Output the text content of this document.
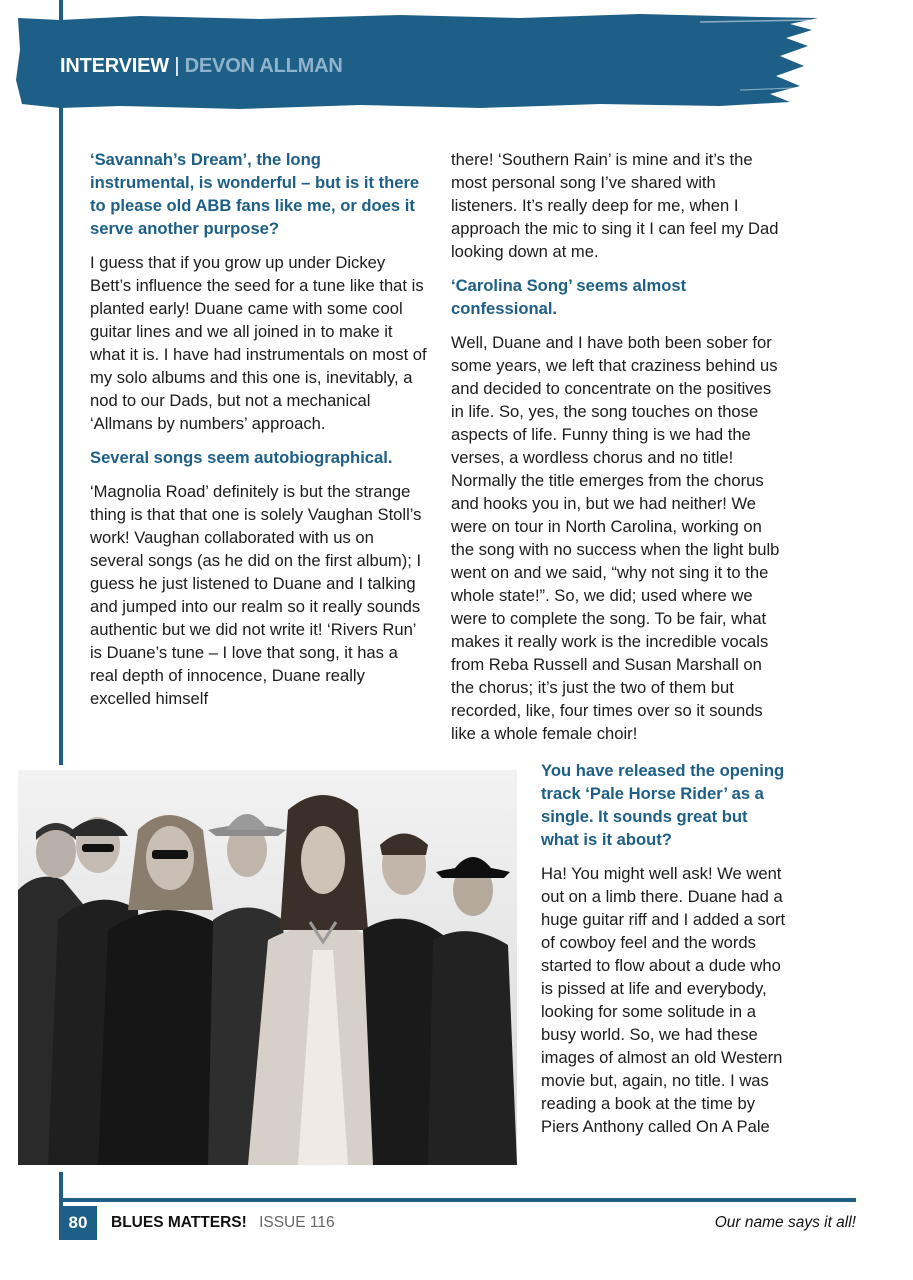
INTERVIEW | DEVON ALLMAN

‘Savannah’s Dream’, the long instrumental, is wonderful – but is it there to please old ABB fans like me, or does it serve another purpose?

I guess that if you grow up under Dickey Bett’s influence the seed for a tune like that is planted early! Duane came with some cool guitar lines and we all joined in to make it what it is. I have had instrumentals on most of my solo albums and this one is, inevitably, a nod to our Dads, but not a mechanical ‘Allmans by numbers’ approach.

Several songs seem autobiographical.

‘Magnolia Road’ definitely is but the strange thing is that that one is solely Vaughan Stoll’s work! Vaughan collaborated with us on several songs (as he did on the first album); I guess he just listened to Duane and I talking and jumped into our realm so it really sounds authentic but we did not write it! ‘Rivers Run’ is Duane’s tune – I love that song, it has a real depth of innocence, Duane really excelled himself

there! ‘Southern Rain’ is mine and it’s the most personal song I’ve shared with listeners. It’s really deep for me, when I approach the mic to sing it I can feel my Dad looking down at me.

‘Carolina Song’ seems almost confessional.

Well, Duane and I have both been sober for some years, we left that craziness behind us and decided to concentrate on the positives in life. So, yes, the song touches on those aspects of life. Funny thing is we had the verses, a wordless chorus and no title! Normally the title emerges from the chorus and hooks you in, but we had neither! We were on tour in North Carolina, working on the song with no success when the light bulb went on and we said, “why not sing it to the whole state!”. So, we did; used where we were to complete the song. To be fair, what makes it really work is the incredible vocals from Reba Russell and Susan Marshall on the chorus; it’s just the two of them but recorded, like, four times over so it sounds like a whole female choir!

You have released the opening track ‘Pale Horse Rider’ as a single. It sounds great but what is it about?

Ha! You might well ask! We went out on a limb there. Duane had a huge guitar riff and I added a sort of cowboy feel and the words started to flow about a dude who is pissed at life and everybody, looking for some solitude in a busy world. So, we had these images of almost an old Western movie but, again, no title. I was reading a book at the time by Piers Anthony called On A Pale

80	BLUES MATTERS! ISSUE 116	Our name says it all!
